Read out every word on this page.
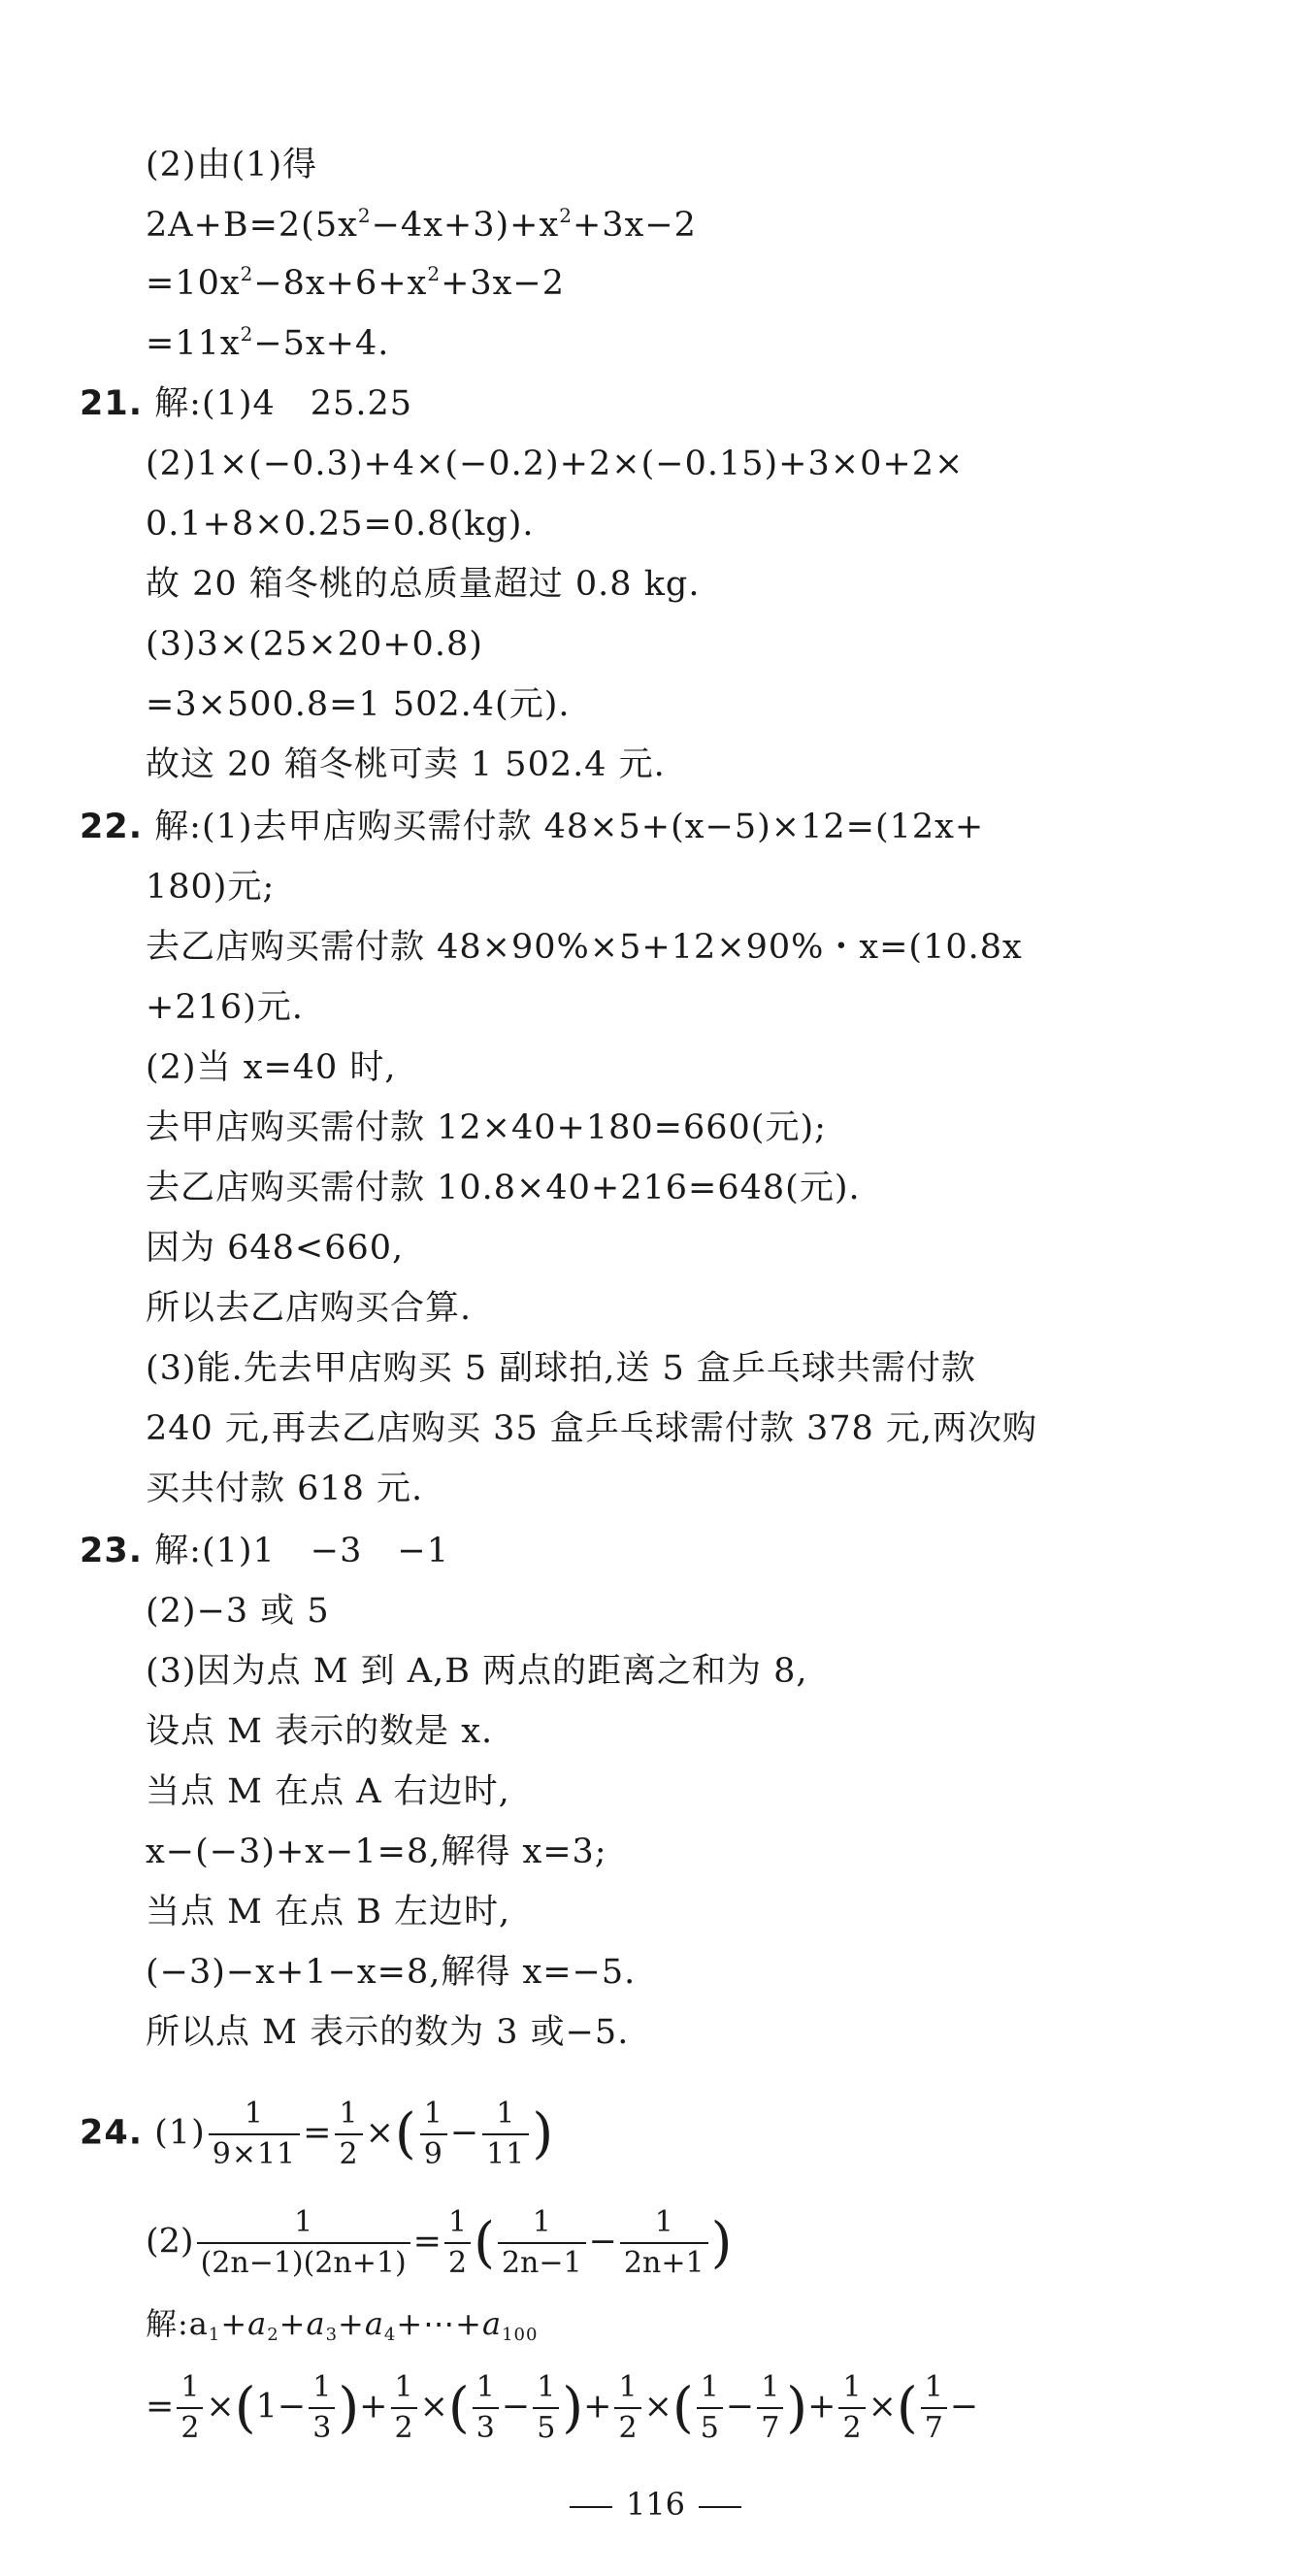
(2)由(1)得
$2A+B=2(5x^2-4x+3)+x^2+3x-2$
$=10x^2-8x+6+x^2+3x-2$
$=11x^2-5x+4$.
21. 解:(1)4　25.25
(2)1×(−0.3)+4×(−0.2)+2×(−0.15)+3×0+2×
0.1+8×0.25=0.8(kg).
故 20 箱冬桃的总质量超过 0.8 kg.
(3)3×(25×20+0.8)
=3×500.8=1 502.4(元).
故这 20 箱冬桃可卖 1 502.4 元.
22. 解:(1)去甲店购买需付款 48×5+(x−5)×12=(12x+
180)元;
去乙店购买需付款 48×90%×5+12×90%・x=(10.8x
+216)元.
(2)当 x=40 时,
去甲店购买需付款 12×40+180=660(元);
去乙店购买需付款 10.8×40+216=648(元).
因为 648<660,
所以去乙店购买合算.
(3)能.先去甲店购买 5 副球拍,送 5 盒乒乓球共需付款
240 元,再去乙店购买 35 盒乒乓球需付款 378 元,两次购
买共付款 618 元.
23. 解:(1)1　−3　−1
(2)−3 或 5
(3)因为点 M 到 A,B 两点的距离之和为 8,
设点 M 表示的数是 x.
当点 M 在点 A 右边时,
x−(−3)+x−1=8,解得 x=3;
当点 M 在点 B 左边时,
(−3)−x+1−x=8,解得 x=−5.
所以点 M 表示的数为 3 或−5.
24. $(1) \frac{1}{9\times 11} = \frac{1}{2}$ ×( $\frac{1}{9} - \frac{1}{11}$ )
$(2) \frac{1}{(2n-1)(2n+1)} = \frac{1}{2}$ ( $\frac{1}{2n-1} - \frac{1}{2n+1}$ )
解$:a_1+a_2+a_3+a_4+\cdots+a_{100}$
= $\frac{1}{2} \times(1- \frac{1}{3}$ )+ $\frac{1}{2}$ ×( $\frac{1}{3} - \frac{1}{5}$ )+ $\frac{1}{2}$ ×( $\frac{1}{5} - \frac{1}{7}$ )+ $\frac{1}{2}$ ×( $\frac{1}{7}$ −
116
